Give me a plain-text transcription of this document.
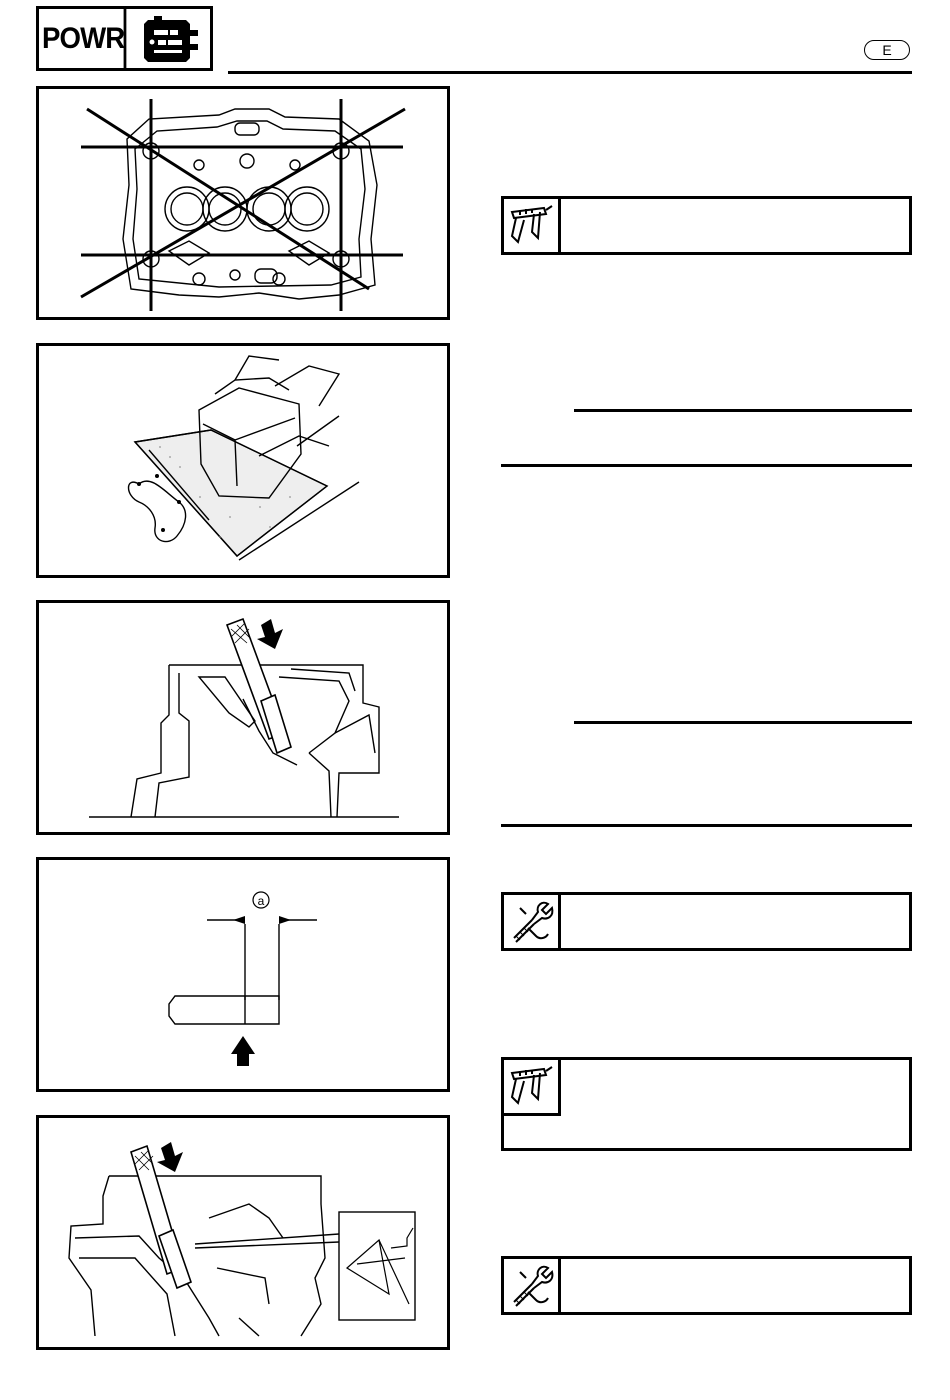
POWR	E
a
